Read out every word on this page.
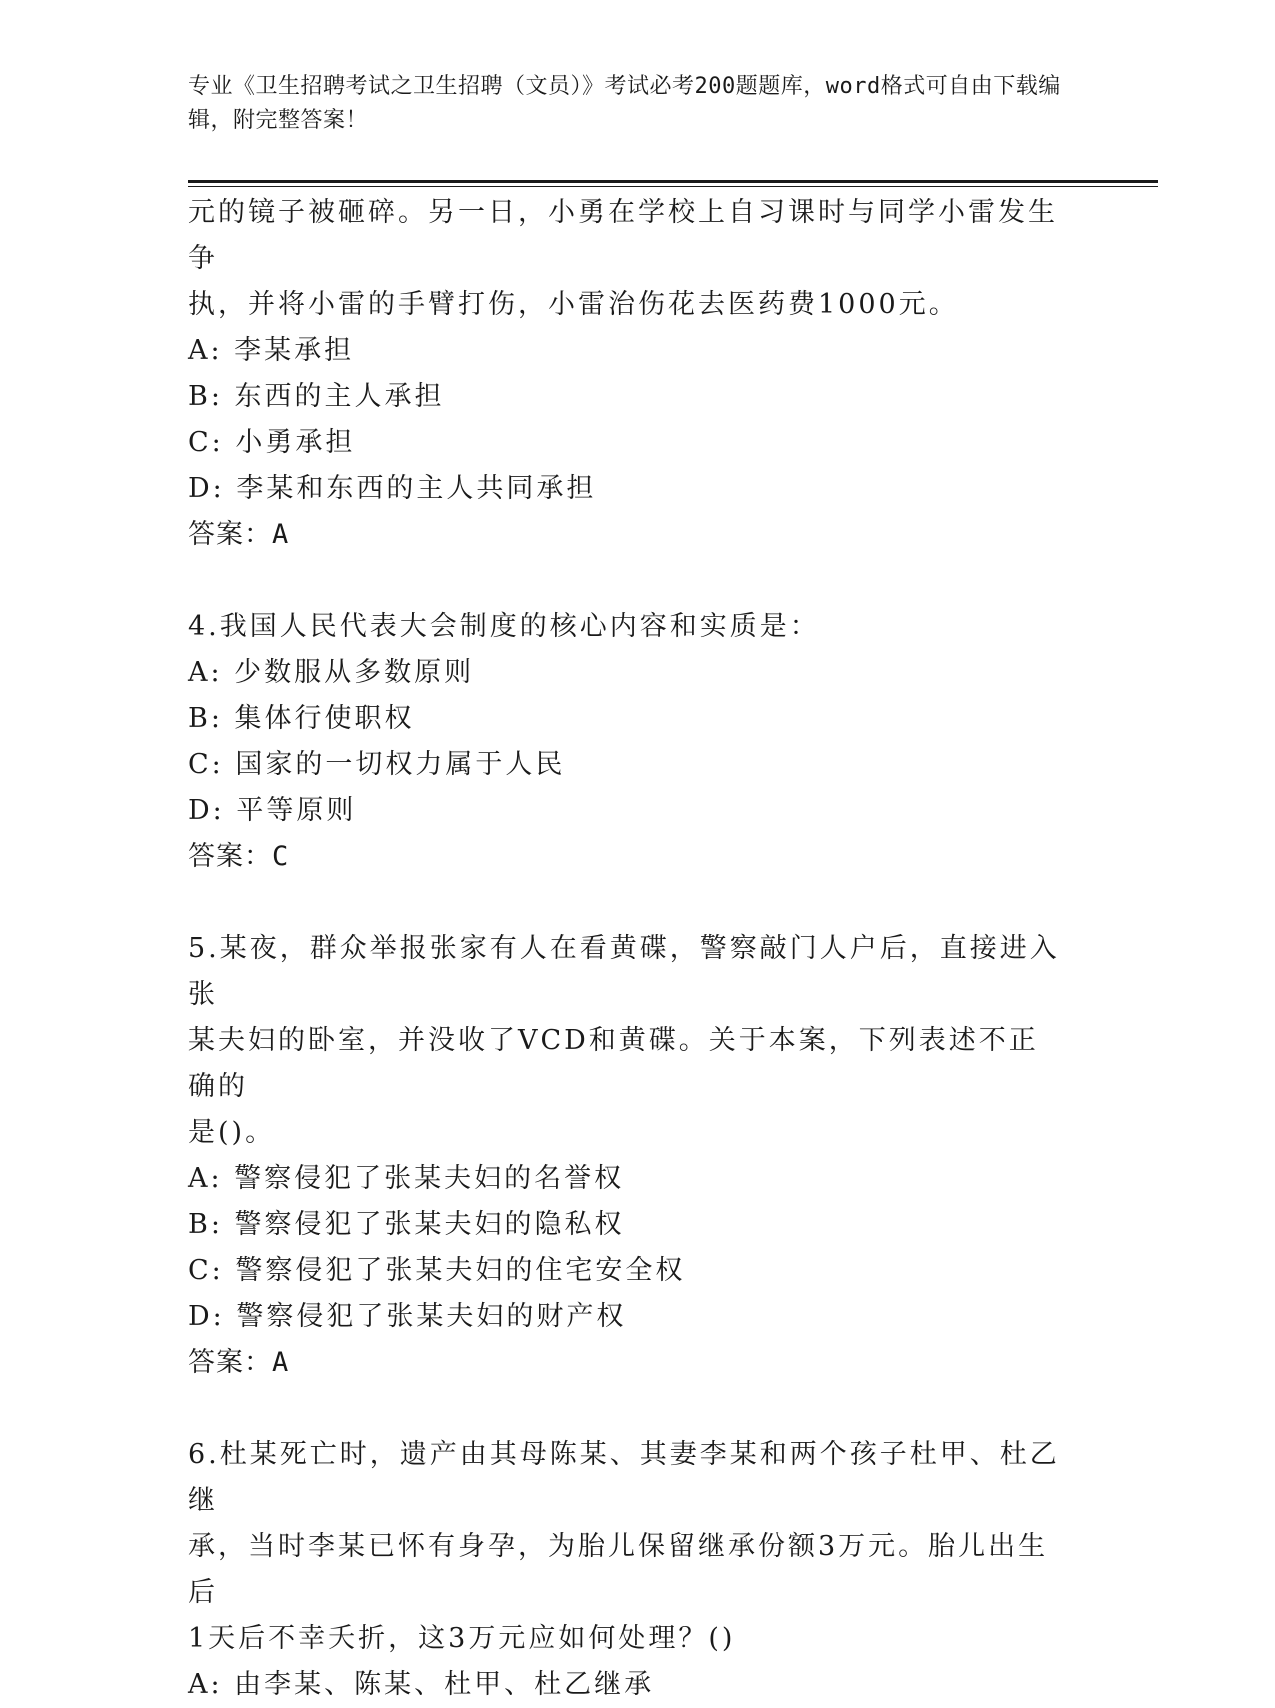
专业《卫生招聘考试之卫生招聘（文员）》考试必考200题题库，word格式可自由下载编辑，附完整答案！

元的镜子被砸碎。另一日，小勇在学校上自习课时与同学小雷发生争

执，并将小雷的手臂打伤，小雷治伤花去医药费1000元。

A: 李某承担

B: 东西的主人承担

C: 小勇承担

D: 李某和东西的主人共同承担

答案：A

4.我国人民代表大会制度的核心内容和实质是：

A: 少数服从多数原则

B: 集体行使职权

C: 国家的一切权力属于人民

D: 平等原则

答案：C

5.某夜，群众举报张家有人在看黄碟，警察敲门人户后，直接进入张

某夫妇的卧室，并没收了VCD和黄碟。关于本案，下列表述不正确的

是()。

A: 警察侵犯了张某夫妇的名誉权

B: 警察侵犯了张某夫妇的隐私权

C: 警察侵犯了张某夫妇的住宅安全权

D: 警察侵犯了张某夫妇的财产权

答案：A

6.杜某死亡时，遗产由其母陈某、其妻李某和两个孩子杜甲、杜乙继

承，当时李某已怀有身孕，为胎儿保留继承份额3万元。胎儿出生后

1天后不幸夭折，这3万元应如何处理？()

A: 由李某、陈某、杜甲、杜乙继承
